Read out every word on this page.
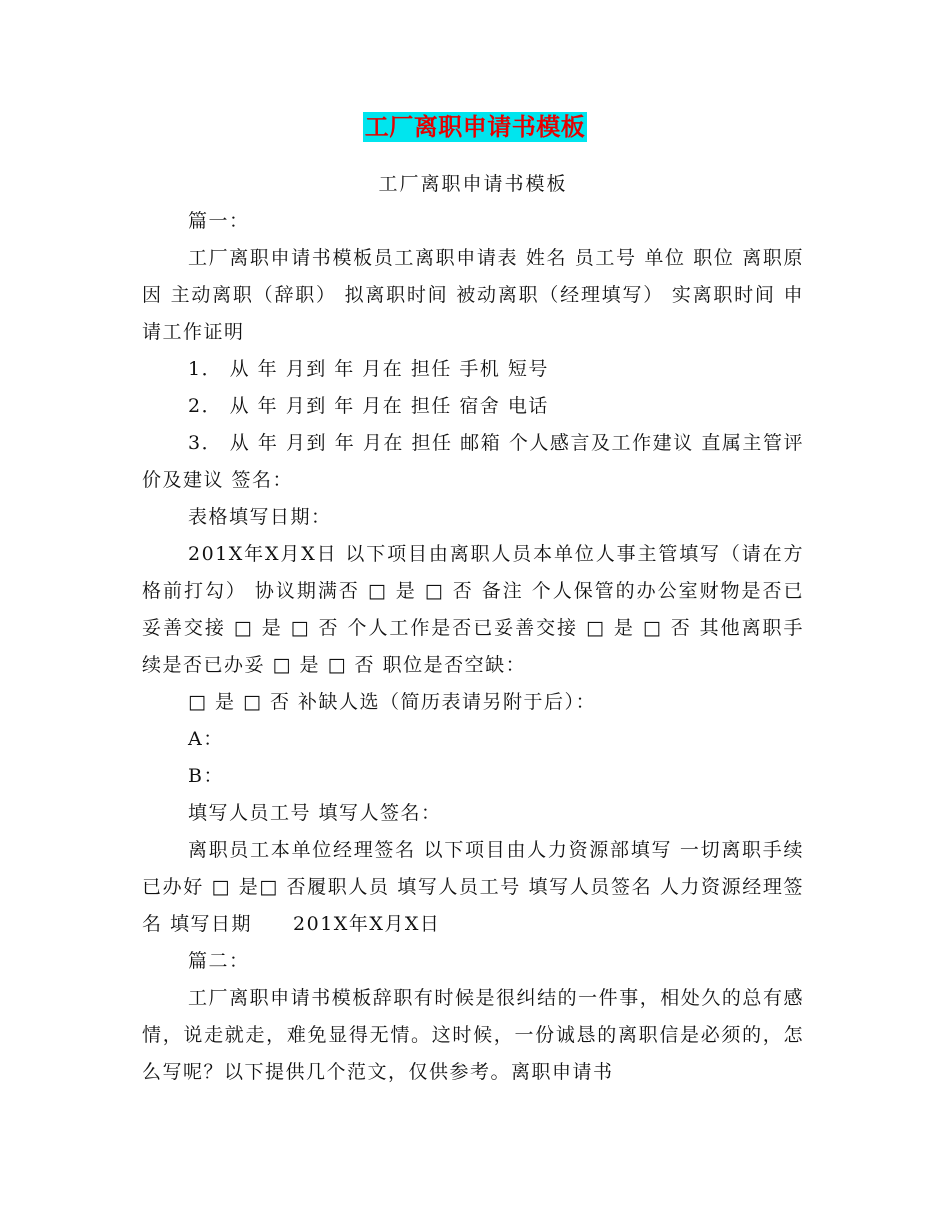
工厂离职申请书模板

工厂离职申请书模板

篇一：

工厂离职申请书模板员工离职申请表 姓名 员工号 单位 职位 离职原因 主动离职（辞职） 拟离职时间 被动离职（经理填写） 实离职时间 申请工作证明

1． 从 年 月到 年 月在 担任 手机 短号

2． 从 年 月到 年 月在 担任 宿舍 电话

3． 从 年 月到 年 月在 担任 邮箱 个人感言及工作建议 直属主管评价及建议 签名：

表格填写日期：

201X年X月X日 以下项目由离职人员本单位人事主管填写（请在方格前打勾） 协议期满否 □ 是 □ 否 备注 个人保管的办公室财物是否已妥善交接 □ 是 □ 否 个人工作是否已妥善交接 □ 是 □ 否 其他离职手续是否已办妥 □ 是 □ 否 职位是否空缺：

□ 是 □ 否 补缺人选（简历表请另附于后）：

A：

B：

填写人员工号 填写人签名：

离职员工本单位经理签名 以下项目由人力资源部填写 一切离职手续已办好 □ 是□ 否履职人员 填写人员工号 填写人员签名 人力资源经理签名 填写日期　　201X年X月X日

篇二：

工厂离职申请书模板辞职有时候是很纠结的一件事，相处久的总有感情，说走就走，难免显得无情。这时候，一份诚恳的离职信是必须的，怎么写呢？以下提供几个范文，仅供参考。离职申请书
